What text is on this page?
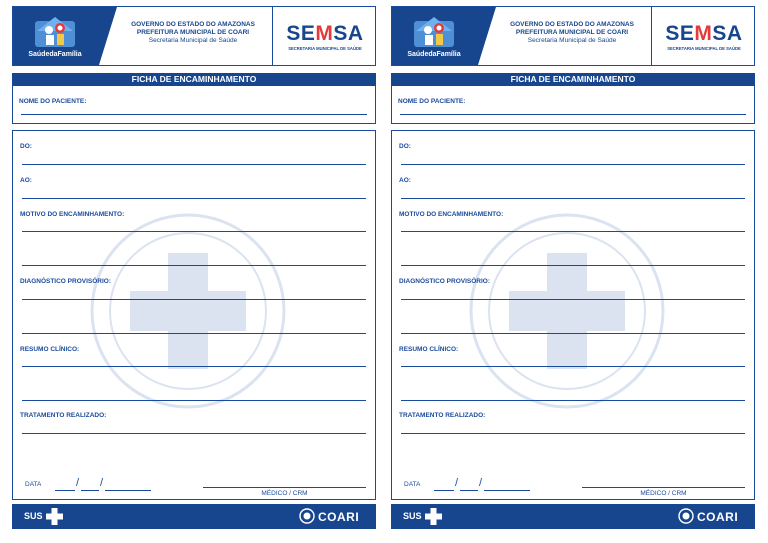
SaúdedaFamília
GOVERNO DO ESTADO DO AMAZONAS
PREFEITURA MUNICIPAL DE COARI
Secretaria Municipal de Saúde	SEMSA
SECRETARIA MUNICIPAL DE SAÚDE
FICHA DE ENCAMINHAMENTO
NOME DO PACIENTE:
DO:
AO:
MOTIVO DO ENCAMINHAMENTO:
DIAGNÓSTICO PROVISÓRIO:
RESUMO CLÍNICO:
TRATAMENTO REALIZADO:
DATA	/ /
MÉDICO / CRM
SUS	COARI
SaúdedaFamília
GOVERNO DO ESTADO DO AMAZONAS
PREFEITURA MUNICIPAL DE COARI
Secretaria Municipal de Saúde	SEMSA
SECRETARIA MUNICIPAL DE SAÚDE
FICHA DE ENCAMINHAMENTO
NOME DO PACIENTE:
DO:
AO:
MOTIVO DO ENCAMINHAMENTO:
DIAGNÓSTICO PROVISÓRIO:
RESUMO CLÍNICO:
TRATAMENTO REALIZADO:
DATA	/ /
MÉDICO / CRM
SUS	COARI
